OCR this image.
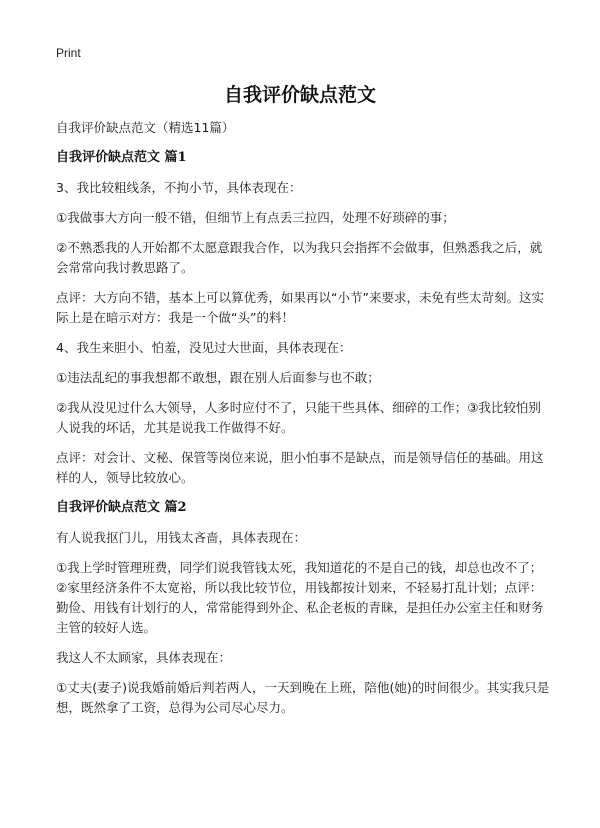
Print
自我评价缺点范文

自我评价缺点范文（精选11篇）

自我评价缺点范文 篇1

3、我比较粗线条，不拘小节，具体表现在：

①我做事大方向一般不错，但细节上有点丢三拉四，处理不好琐碎的事；

②不熟悉我的人开始都不太愿意跟我合作，以为我只会指挥不会做事，但熟悉我之后，就会常常向我讨教思路了。

点评：大方向不错，基本上可以算优秀，如果再以“小节”来要求，未免有些太苛刻。这实际上是在暗示对方：我是一个做“头”的料！

4、我生来胆小、怕羞，没见过大世面，具体表现在：

①违法乱纪的事我想都不敢想，跟在别人后面参与也不敢；

②我从没见过什么大领导，人多时应付不了，只能干些具体、细碎的工作；③我比较怕别人说我的坏话，尤其是说我工作做得不好。

点评：对会计、文秘、保管等岗位来说，胆小怕事不是缺点，而是领导信任的基础。用这样的人，领导比较放心。

自我评价缺点范文 篇2

有人说我抠门儿，用钱太吝啬，具体表现在：

①我上学时管理班费，同学们说我管钱太死，我知道花的不是自己的钱，却总也改不了；②家里经济条件不太宽裕，所以我比较节位，用钱都按计划来，不轻易打乱计划；点评：勤俭、用钱有计划行的人，常常能得到外企、私企老板的青睐，是担任办公室主任和财务主管的较好人选。

我这人不太顾家，具体表现在：

①丈夫(妻子)说我婚前婚后判若两人，一天到晚在上班，陪他(她)的时间很少。其实我只是想，既然拿了工资，总得为公司尽心尽力。
